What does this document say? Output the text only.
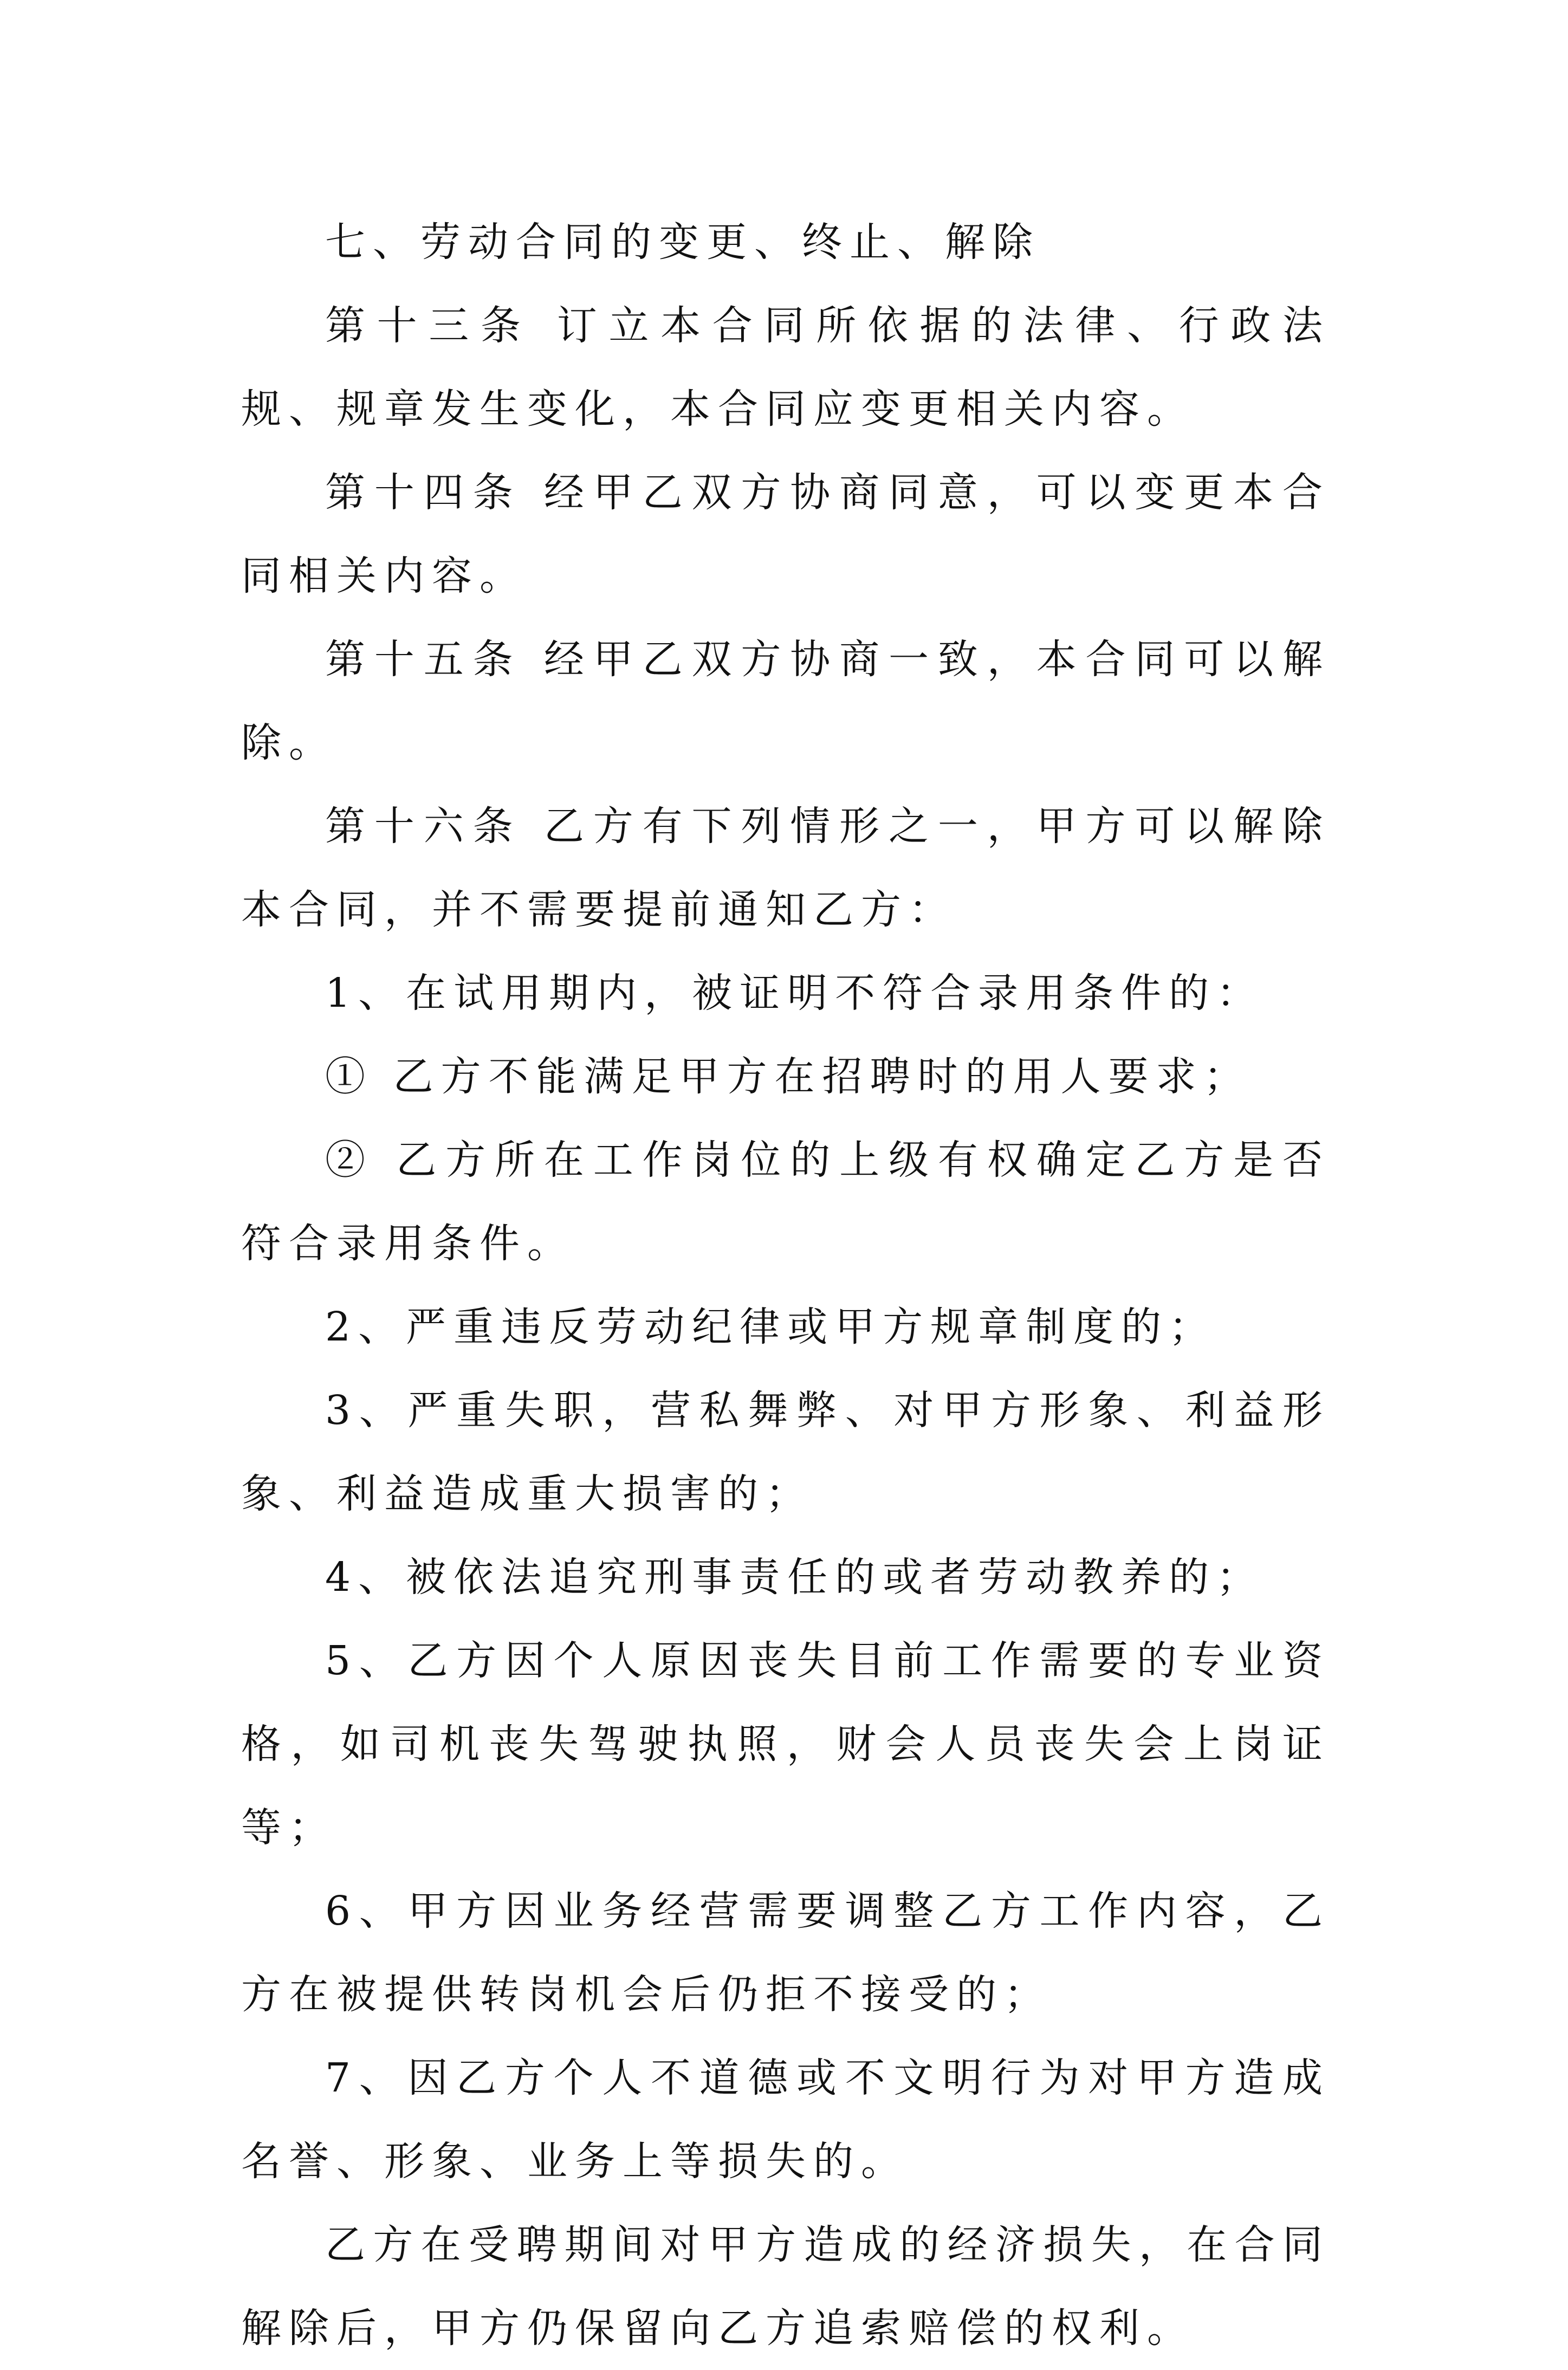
七、劳动合同的变更、终止、解除

第十三条 订立本合同所依据的法律、行政法规、规章发生变化，本合同应变更相关内容。

第十四条 经甲乙双方协商同意，可以变更本合同相关内容。

第十五条 经甲乙双方协商一致，本合同可以解除。

第十六条 乙方有下列情形之一，甲方可以解除本合同，并不需要提前通知乙方：

1、在试用期内，被证明不符合录用条件的：

① 乙方不能满足甲方在招聘时的用人要求；

② 乙方所在工作岗位的上级有权确定乙方是否符合录用条件。

2、严重违反劳动纪律或甲方规章制度的；

3、严重失职，营私舞弊、对甲方形象、利益形象、利益造成重大损害的；

4、被依法追究刑事责任的或者劳动教养的；

5、乙方因个人原因丧失目前工作需要的专业资格，如司机丧失驾驶执照，财会人员丧失会上岗证等；

6、甲方因业务经营需要调整乙方工作内容，乙方在被提供转岗机会后仍拒不接受的；

7、因乙方个人不道德或不文明行为对甲方造成名誉、形象、业务上等损失的。

乙方在受聘期间对甲方造成的经济损失，在合同解除后，甲方仍保留向乙方追索赔偿的权利。
